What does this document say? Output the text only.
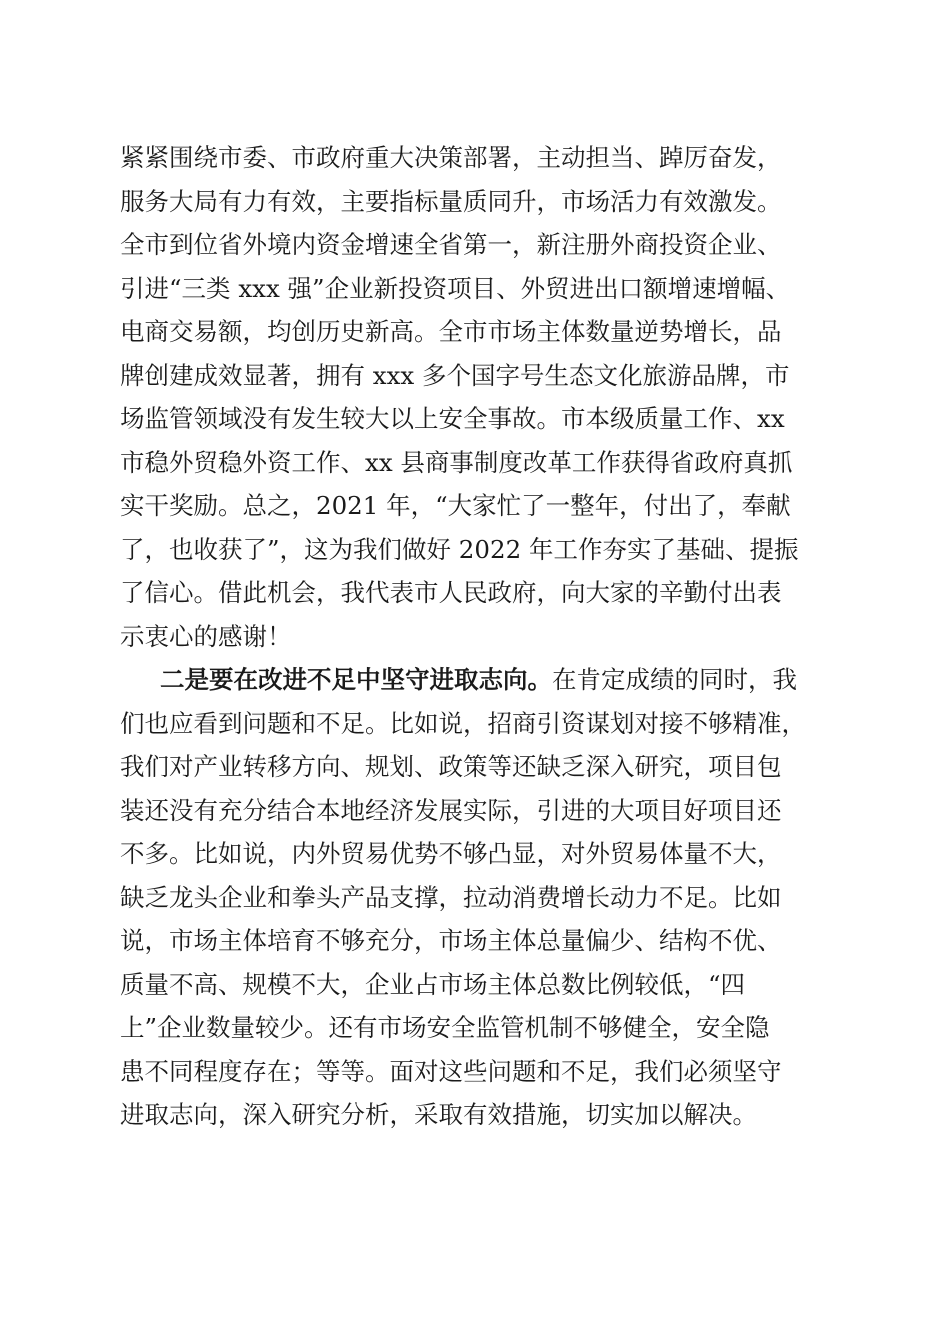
紧紧围绕市委、市政府重大决策部署，主动担当、踔厉奋发，
服务大局有力有效，主要指标量质同升，市场活力有效激发。
全市到位省外境内资金增速全省第一，新注册外商投资企业、
引进“三类 xxx 强”企业新投资项目、外贸进出口额增速增幅、
电商交易额，均创历史新高。全市市场主体数量逆势增长，品
牌创建成效显著，拥有 xxx 多个国字号生态文化旅游品牌，市
场监管领域没有发生较大以上安全事故。市本级质量工作、xx
市稳外贸稳外资工作、xx 县商事制度改革工作获得省政府真抓
实干奖励。总之，2021 年，“大家忙了一整年，付出了，奉献
了，也收获了”，这为我们做好 2022 年工作夯实了基础、提振
了信心。借此机会，我代表市人民政府，向大家的辛勤付出表
示衷心的感谢！
二是要在改进不足中坚守进取志向。在肯定成绩的同时，我
们也应看到问题和不足。比如说，招商引资谋划对接不够精准，
我们对产业转移方向、规划、政策等还缺乏深入研究，项目包
装还没有充分结合本地经济发展实际，引进的大项目好项目还
不多。比如说，内外贸易优势不够凸显，对外贸易体量不大，
缺乏龙头企业和拳头产品支撑，拉动消费增长动力不足。比如
说，市场主体培育不够充分，市场主体总量偏少、结构不优、
质量不高、规模不大，企业占市场主体总数比例较低，“四
上”企业数量较少。还有市场安全监管机制不够健全，安全隐
患不同程度存在；等等。面对这些问题和不足，我们必须坚守
进取志向，深入研究分析，采取有效措施，切实加以解决。
